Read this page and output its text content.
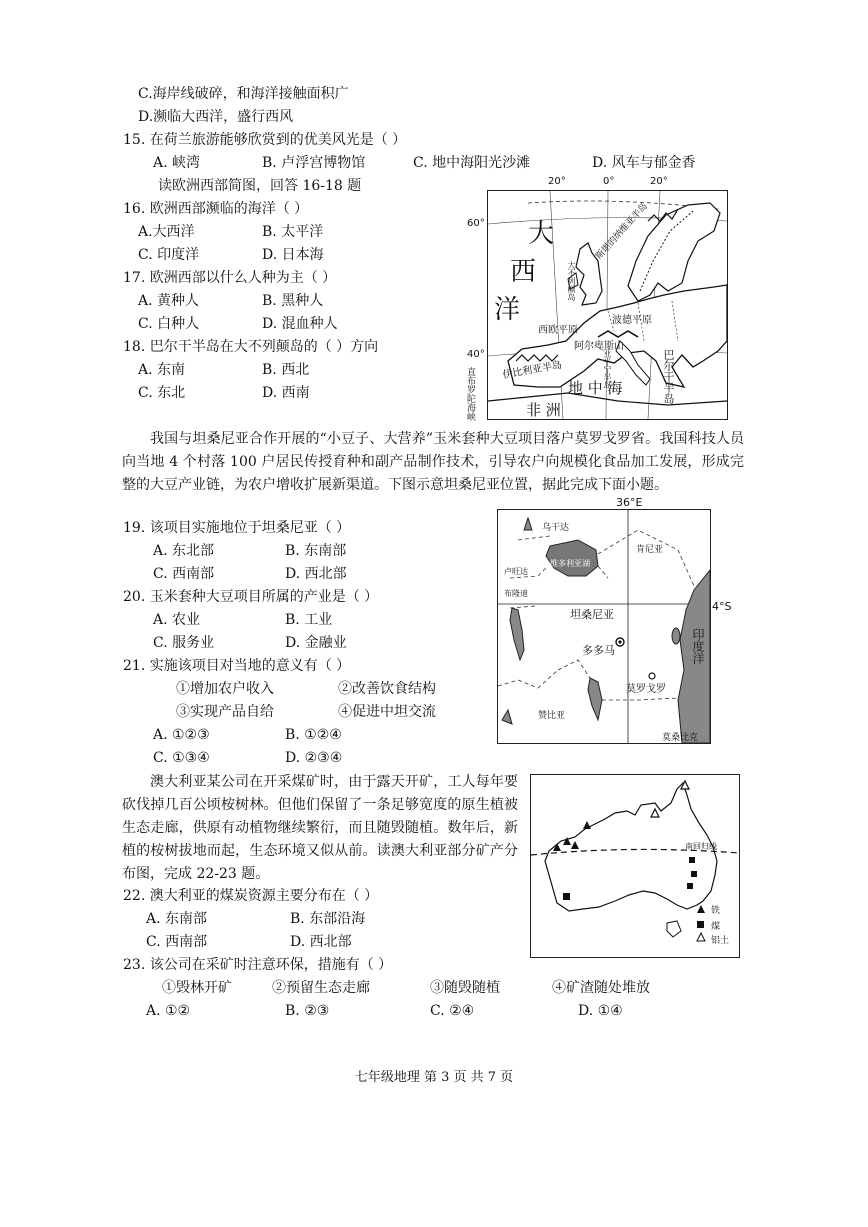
C.海岸线破碎，和海洋接触面积广
D.濒临大西洋，盛行西风
15. 在荷兰旅游能够欣赏到的优美风光是（ ）
A. 峡湾	B. 卢浮宫博物馆	C. 地中海阳光沙滩	D. 风车与郁金香
读欧洲西部简图，回答 16-18 题
16. 欧洲西部濒临的海洋（ ）
A.大西洋	B. 太平洋
C. 印度洋	D. 日本海
17. 欧洲西部以什么人种为主（ ）
A. 黄种人	B. 黑种人
C. 白种人	D. 混血种人
18. 巴尔干半岛在大不列颠岛的（ ）方向
A. 东南	B. 西北
C. 东北	D. 西南
20°	0°	20°
60°
40°
大
西
洋
斯堪的纳维亚半岛
大不列颠岛
西欧平原
阿尔卑斯山
波德平原
伊比利亚半岛	亚平宁半岛	巴尔干半岛
直布罗陀海峡	非 洲
地 中 海
我国与坦桑尼亚合作开展的“小豆子、大营养”玉米套种大豆项目落户莫罗戈罗省。我国科技人员向当地 4 个村落 100 户居民传授育种和副产品制作技术，引导农户向规模化食品加工发展，形成完整的大豆产业链，为农户增收扩展新渠道。下图示意坦桑尼亚位置，据此完成下面小题。
19. 该项目实施地位于坦桑尼亚（ ）
A. 东北部	B. 东南部
C. 西南部	D. 西北部
20. 玉米套种大豆项目所属的产业是（ ）
A. 农业	B. 工业
C. 服务业	D. 金融业
21. 实施该项目对当地的意义有（ ）
①增加农户收入	②改善饮食结构
③实现产品自给	④促进中坦交流
A. ①②③	B. ①②④
C. ①③④	D. ②③④
36°E
4°S
乌干达
肯尼亚
维多利亚湖
卢旺达
布隆迪
坦桑尼亚
多多马	印度洋
莫罗戈罗
赞比亚
莫桑比克
澳大利亚某公司在开采煤矿时，由于露天开矿，工人每年要砍伐掉几百公顷桉树林。但他们保留了一条足够宽度的原生植被生态走廊，供原有动植物继续繁衍，而且随毁随植。数年后，新植的桉树拔地而起，生态环境又似从前。读澳大利亚部分矿产分布图，完成 22-23 题。
22. 澳大利亚的煤炭资源主要分布在（ ）
A. 东南部	B. 东部沿海
C. 西南部	D. 西北部
23. 该公司在采矿时注意环保，措施有（ ）
①毁林开矿	②预留生态走廊	③随毁随植	④矿渣随处堆放
A. ①②	B. ②③	C. ②④	D. ①④
南回归线
铁
煤
铝土
七年级地理 第 3 页 共 7 页
